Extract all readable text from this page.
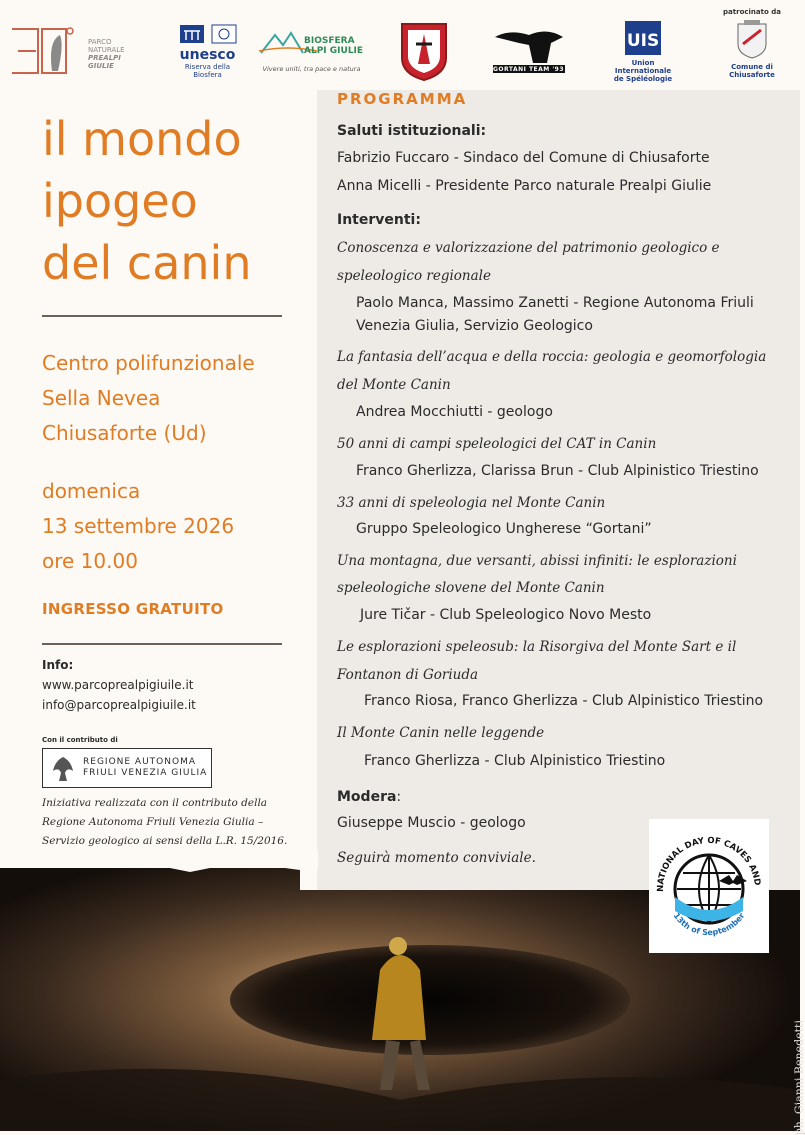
PARCO
NATURALE
PREALPI
GIULIE
unesco
Riserva della Biosfera
BIOSFERA
ALPI GIULIE
Vivere uniti, tra pace e natura	GORTANI TEAM '93
UIS
Union Internationale
de Spéléologie
patrocinato da
Comune di
Chiusaforte
il mondo
ipogeo
del canin
Centro polifunzionale
Sella Nevea
Chiusaforte (Ud)
domenica
13 settembre 2026
ore 10.00
INGRESSO GRATUITO
Info:
www.parcoprealpigiuile.it
info@parcoprealpigiuile.it
Con il contributo di
REGIONE AUTONOMA
FRIULI VENEZIA GIULIA
Iniziativa realizzata con il contributo della
Regione Autonoma Friuli Venezia Giulia –
Servizio geologico ai sensi della L.R. 15/2016.
PROGRAMMA
Saluti istituzionali:
Fabrizio Fuccaro - Sindaco del Comune di Chiusaforte
Anna Micelli - Presidente Parco naturale Prealpi Giulie
Interventi:
Conoscenza e valorizzazione del patrimonio geologico e
speleologico regionale
Paolo Manca, Massimo Zanetti - Regione Autonoma Friuli
Venezia Giulia, Servizio Geologico
La fantasia dell’acqua e della roccia: geologia e geomorfologia
del Monte Canin
Andrea Mocchiutti - geologo
50 anni di campi speleologici del CAT in Canin
Franco Gherlizza, Clarissa Brun - Club Alpinistico Triestino
33 anni di speleologia nel Monte Canin
Gruppo Speleologico Ungherese “Gortani”
Una montagna, due versanti, abissi infiniti: le esplorazioni
speleologiche slovene del Monte Canin
Jure Tičar - Club Speleologico Novo Mesto
Le esplorazioni speleosub: la Risorgiva del Monte Sart e il
Fontanon di Goriuda
Franco Riosa, Franco Gherlizza - Club Alpinistico Triestino
Il Monte Canin nelle leggende
Franco Gherlizza - Club Alpinistico Triestino
Modera:
Giuseppe Muscio - geologo
Seguirà momento conviviale.
NATIONAL DAY OF CAVES AND
13th of September
ph. Gianni Benedetti
